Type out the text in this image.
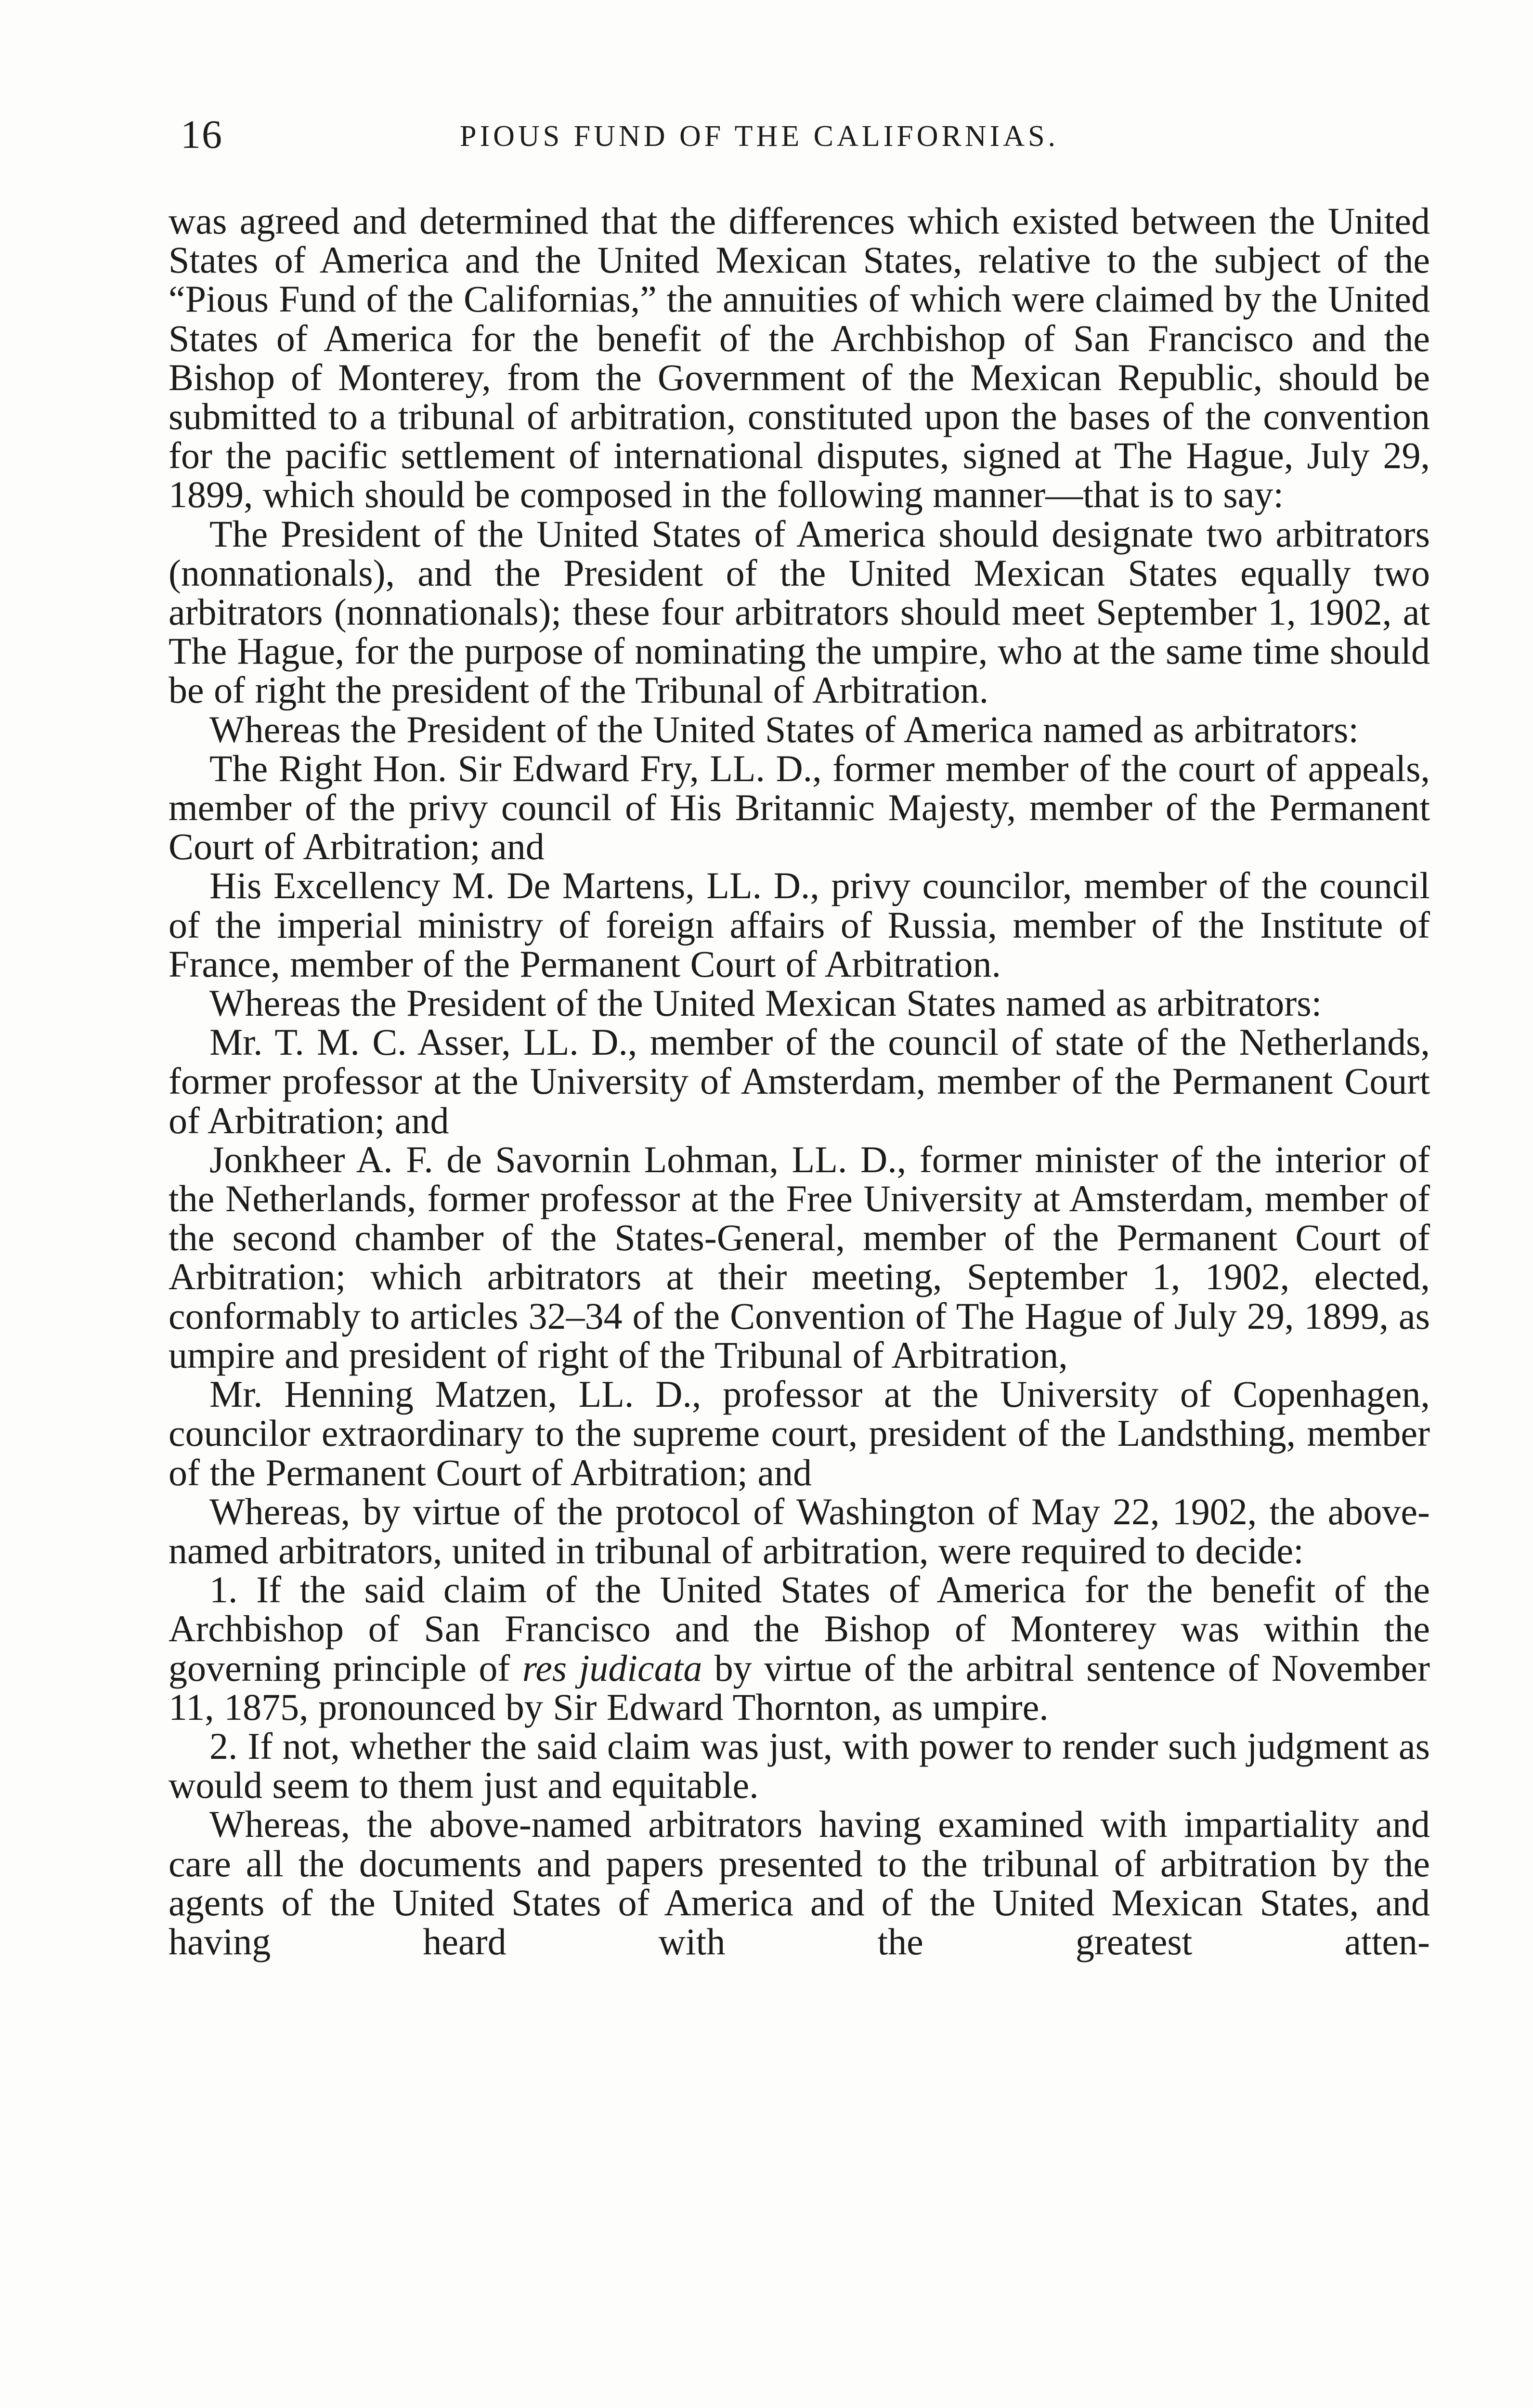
16	PIOUS FUND OF THE CALIFORNIAS.

was agreed and determined that the differences which existed between the United States of America and the United Mexican States, relative to the subject of the “Pious Fund of the Californias,” the annuities of which were claimed by the United States of America for the benefit of the Archbishop of San Francisco and the Bishop of Monterey, from the Government of the Mexican Republic, should be submitted to a tribunal of arbitration, constituted upon the bases of the convention for the pacific settlement of international disputes, signed at The Hague, July 29, 1899, which should be composed in the following manner—that is to say:

The President of the United States of America should designate two arbitrators (nonnationals), and the President of the United Mexican States equally two arbitrators (nonnationals); these four arbitrators should meet September 1, 1902, at The Hague, for the purpose of nominating the umpire, who at the same time should be of right the president of the Tribunal of Arbitration.

Whereas the President of the United States of America named as arbitrators:

The Right Hon. Sir Edward Fry, LL. D., former member of the court of appeals, member of the privy council of His Britannic Majesty, member of the Permanent Court of Arbitration; and

His Excellency M. De Martens, LL. D., privy councilor, member of the council of the imperial ministry of foreign affairs of Russia, member of the Institute of France, member of the Permanent Court of Arbitration.

Whereas the President of the United Mexican States named as arbitrators:

Mr. T. M. C. Asser, LL. D., member of the council of state of the Netherlands, former professor at the University of Amsterdam, member of the Permanent Court of Arbitration; and

Jonkheer A. F. de Savornin Lohman, LL. D., former minister of the interior of the Netherlands, former professor at the Free University at Amsterdam, member of the second chamber of the States-General, member of the Permanent Court of Arbitration; which arbitrators at their meeting, September 1, 1902, elected, conformably to articles 32–34 of the Convention of The Hague of July 29, 1899, as umpire and president of right of the Tribunal of Arbitration,

Mr. Henning Matzen, LL. D., professor at the University of Copenhagen, councilor extraordinary to the supreme court, president of the Landsthing, member of the Permanent Court of Arbitration; and

Whereas, by virtue of the protocol of Washington of May 22, 1902, the above-named arbitrators, united in tribunal of arbitration, were required to decide:

1. If the said claim of the United States of America for the benefit of the Archbishop of San Francisco and the Bishop of Monterey was within the governing principle of res judicata by virtue of the arbitral sentence of November 11, 1875, pronounced by Sir Edward Thornton, as umpire.

2. If not, whether the said claim was just, with power to render such judgment as would seem to them just and equitable.

Whereas, the above-named arbitrators having examined with impartiality and care all the documents and papers presented to the tribunal of arbitration by the agents of the United States of America and of the United Mexican States, and having heard with the greatest atten-
